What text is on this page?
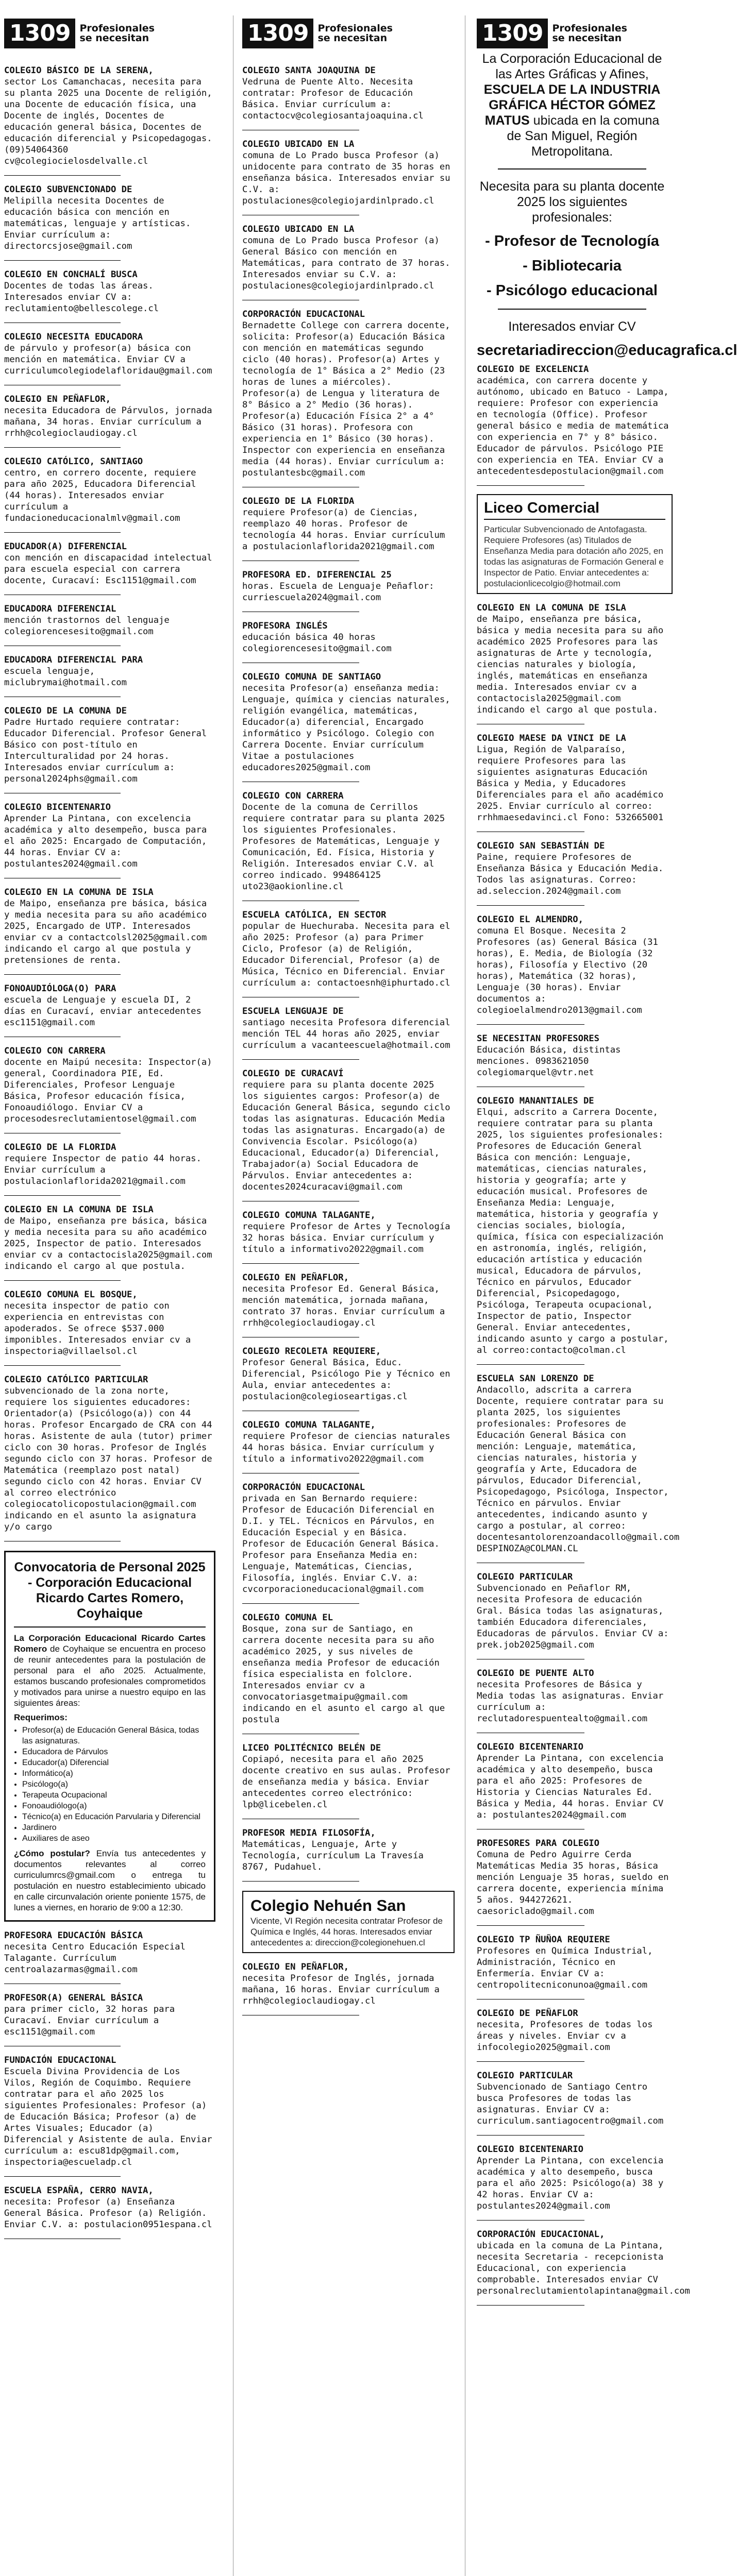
1309 Profesionales
se necesitan	1309 Profesionales
se necesitan	1309 Profesionales
se necesitan
COLEGIO BÁSICO DE LA SERENA,
sector Los Camanchacas, necesita para su planta 2025 una Docente de religión, una Docente de educación física, una Docente de inglés, Docentes de educación general básica, Docentes de educación diferencial y Psicopedagogas. (09)54064360 cv@colegiocielosdelvalle.cl
COLEGIO SUBVENCIONADO DE
Melipilla necesita Docentes de educación básica con mención en matemáticas, lenguaje y artísticas. Enviar currículum a: directorcsjose@gmail.com
COLEGIO EN CONCHALÍ BUSCA
Docentes de todas las áreas. Interesados enviar CV a: reclutamiento@bellescolege.cl
COLEGIO NECESITA EDUCADORA
de párvulo y profesor(a) básica con mención en matemática. Enviar CV a curriculumcolegiodelafloridau@gmail.com
COLEGIO EN PEÑAFLOR,
necesita Educadora de Párvulos, jornada mañana, 34 horas. Enviar currículum a rrhh@colegioclaudiogay.cl
COLEGIO CATÓLICO, SANTIAGO
centro, en correro docente, requiere para año 2025, Educadora Diferencial (44 horas). Interesados enviar currículum a fundacioneducacionalmlv@gmail.com
EDUCADOR(A) DIFERENCIAL
con mención en discapacidad intelectual para escuela especial con carrera docente, Curacaví: Esc1151@gmail.com
EDUCADORA DIFERENCIAL
mención trastornos del lenguaje colegiorencesesito@gmail.com
EDUCADORA DIFERENCIAL PARA
escuela lenguaje, miclubrymai@hotmail.com
COLEGIO DE LA COMUNA DE
Padre Hurtado requiere contratar: Educador Diferencial. Profesor General Básico con post-título en Interculturalidad por 24 horas. Interesados enviar currículum a: personal2024phs@gmail.com
COLEGIO BICENTENARIO
Aprender La Pintana, con excelencia académica y alto desempeño, busca para el año 2025: Encargado de Computación, 44 horas. Enviar CV a: postulantes2024@gmail.com
COLEGIO EN LA COMUNA DE ISLA
de Maipo, enseñanza pre básica, básica y media necesita para su año académico 2025, Encargado de UTP. Interesados enviar cv a contactcolsl2025@gmail.com indicando el cargo al que postula y pretensiones de renta.
FONOAUDIÓLOGA(O) PARA
escuela de Lenguaje y escuela DI, 2 días en Curacaví, enviar antecedentes esc1151@gmail.com
COLEGIO CON CARRERA
docente en Maipú necesita: Inspector(a) general, Coordinadora PIE, Ed. Diferenciales, Profesor Lenguaje Básica, Profesor educación física, Fonoaudiólogo. Enviar CV a procesodesreclutamientosel@gmail.com
COLEGIO DE LA FLORIDA
requiere Inspector de patio 44 horas. Enviar currículum a postulacionlaflorida2021@gmail.com
COLEGIO EN LA COMUNA DE ISLA
de Maipo, enseñanza pre básica, básica y media necesita para su año académico 2025, Inspector de patio. Interesados enviar cv a contactocisla2025@gmail.com indicando el cargo al que postula.
COLEGIO COMUNA EL BOSQUE,
necesita inspector de patio con experiencia en entrevistas con apoderados. Se ofrece $537.000 imponibles. Interesados enviar cv a inspectoria@villaelsol.cl
COLEGIO CATÓLICO PARTICULAR
subvencionado de la zona norte, requiere los siguientes educadores: Orientador(a) (Psicólogo(a)) con 44 horas. Profesor Encargado de CRA con 44 horas. Asistente de aula (tutor) primer ciclo con 30 horas. Profesor de Inglés segundo ciclo con 37 horas. Profesor de Matemática (reemplazo post natal) segundo ciclo con 42 horas. Enviar CV al correo electrónico colegiocatolicopostulacion@gmail.com indicando en el asunto la asignatura y/o cargo
Convocatoria de Personal 2025 - Corporación Educacional Ricardo Cartes Romero, Coyhaique
La Corporación Educacional Ricardo Cartes Romero de Coyhaique se encuentra en proceso de reunir antecedentes para la postulación de personal para el año 2025. Actualmente, estamos buscando profesionales comprometidos y motivados para unirse a nuestro equipo en las siguientes áreas:
Requerimos:
• Profesor(a) de Educación General Básica, todas las asignaturas.
• Educadora de Párvulos
• Educador(a) Diferencial
• Informático(a)
• Psicólogo(a)
• Terapeuta Ocupacional
• Fonoaudiólogo(a)
• Técnico(a) en Educación Parvularia y Diferencial
• Jardinero
• Auxiliares de aseo
¿Cómo postular? Envía tus antecedentes y documentos relevantes al correo curriculumrcs@gmail.com o entrega tu postulación en nuestro establecimiento ubicado en calle circunvalación oriente poniente 1575, de lunes a viernes, en horario de 9:00 a 12:30.
PROFESORA EDUCACIÓN BÁSICA
necesita Centro Educación Especial Talagante. Currículum centroalazarmas@gmail.com
PROFESOR(A) GENERAL BÁSICA
para primer ciclo, 32 horas para Curacaví. Enviar currículum a esc1151@gmail.com
FUNDACIÓN EDUCACIONAL
Escuela Divina Providencia de Los Vilos, Región de Coquimbo. Requiere contratar para el año 2025 los siguientes Profesionales: Profesor (a) de Educación Básica; Profesor (a) de Artes Visuales; Educador (a) Diferencial y Asistente de aula. Enviar currículum a: escu81dp@gmail.com, inspectoria@escueladp.cl
ESCUELA ESPAÑA, CERRO NAVIA,
necesita: Profesor (a) Enseñanza General Básica. Profesor (a) Religión. Enviar C.V. a: postulacion0951espana.cl
COLEGIO SANTA JOAQUINA DE
Vedruna de Puente Alto. Necesita contratar: Profesor de Educación Básica. Enviar currículum a: contactocv@colegiosantajoaquina.cl
COLEGIO UBICADO EN LA
comuna de Lo Prado busca Profesor (a) unidocente para contrato de 35 horas en enseñanza básica. Interesados enviar su C.V. a: postulaciones@colegiojardinlprado.cl
COLEGIO UBICADO EN LA
comuna de Lo Prado busca Profesor (a) General Básico con mención en Matemáticas, para contrato de 37 horas. Interesados enviar su C.V. a: postulaciones@colegiojardinlprado.cl
CORPORACIÓN EDUCACIONAL
Bernadette College con carrera docente, solicita: Profesor(a) Educación Básica con mención en matemáticas segundo ciclo (40 horas). Profesor(a) Artes y tecnología de 1° Básica a 2° Medio (23 horas de lunes a miércoles). Profesor(a) de Lengua y literatura de 8° Básico a 2° Medio (36 horas). Profesor(a) Educación Física 2° a 4° Básico (31 horas). Profesora con experiencia en 1° Básico (30 horas). Inspector con experiencia en enseñanza media (44 horas). Enviar currículum a: postulantesbc@gmail.com
COLEGIO DE LA FLORIDA
requiere Profesor(a) de Ciencias, reemplazo 40 horas. Profesor de tecnología 44 horas. Enviar currículum a postulacionlaflorida2021@gmail.com
PROFESORA ED. DIFERENCIAL 25
horas. Escuela de Lenguaje Peñaflor: curriescuela2024@gmail.com
PROFESORA INGLÉS
educación básica 40 horas colegiorencesesito@gmail.com
COLEGIO COMUNA DE SANTIAGO
necesita Profesor(a) enseñanza media: Lenguaje, química y ciencias naturales, religión evangélica, matemáticas, Educador(a) diferencial, Encargado informático y Psicólogo. Colegio con Carrera Docente. Enviar currículum Vitae a postulaciones educadores2025@gmail.com
COLEGIO CON CARRERA
Docente de la comuna de Cerrillos requiere contratar para su planta 2025 los siguientes Profesionales. Profesores de Matemáticas, Lenguaje y Comunicación, Ed. Física, Historia y Religión. Interesados enviar C.V. al correo indicado. 994864125 uto23@aokionline.cl
ESCUELA CATÓLICA, EN SECTOR
popular de Huechuraba. Necesita para el año 2025: Profesor (a) para Primer Ciclo, Profesor (a) de Religión, Educador Diferencial, Profesor (a) de Música, Técnico en Diferencial. Enviar currículum a: contactoesnh@iphurtado.cl
ESCUELA LENGUAJE DE
santiago necesita Profesora diferencial mención TEL 44 horas año 2025, enviar currículum a vacanteescuela@hotmail.com
COLEGIO DE CURACAVÍ
requiere para su planta docente 2025 los siguientes cargos: Profesor(a) de Educación General Básica, segundo ciclo todas las asignaturas. Educación Media todas las asignaturas. Encargado(a) de Convivencia Escolar. Psicólogo(a) Educacional, Educador(a) Diferencial, Trabajador(a) Social Educadora de Párvulos. Enviar antecedentes a: docentes2024curacavi@gmail.com
COLEGIO COMUNA TALAGANTE,
requiere Profesor de Artes y Tecnología 32 horas básica. Enviar currículum y título a informativo2022@gmail.com
COLEGIO EN PEÑAFLOR,
necesita Profesor Ed. General Básica, mención matemática, jornada mañana, contrato 37 horas. Enviar currículum a rrhh@colegioclaudiogay.cl
COLEGIO RECOLETA REQUIERE,
Profesor General Básica, Educ. Diferencial, Psicólogo Pie y Técnico en Aula, enviar antecedentes a: postulacion@colegioseartigas.cl
COLEGIO COMUNA TALAGANTE,
requiere Profesor de ciencias naturales 44 horas básica. Enviar currículum y título a informativo2022@gmail.com
CORPORACIÓN EDUCACIONAL
privada en San Bernardo requiere: Profesor de Educación Diferencial en D.I. y TEL. Técnicos en Párvulos, en Educación Especial y en Básica. Profesor de Educación General Básica. Profesor para Enseñanza Media en: Lenguaje, Matemáticas, Ciencias, Filosofía, inglés. Enviar C.V. a: cvcorporacioneducacional@gmail.com
COLEGIO COMUNA EL
Bosque, zona sur de Santiago, en carrera docente necesita para su año académico 2025, y sus niveles de enseñanza media Profesor de educación física especialista en folclore. Interesados enviar cv a convocatoriasgetmaipu@gmail.com indicando en el asunto el cargo al que postula
LICEO POLITÉCNICO BELÉN DE
Copiapó, necesita para el año 2025 docente creativo en sus aulas. Profesor de enseñanza media y básica. Enviar antecedentes correo electrónico: lpb@licebelen.cl
PROFESOR MEDIA FILOSOFÍA,
Matemáticas, Lenguaje, Arte y Tecnología, currículum La Travesía 8767, Pudahuel.
Colegio Nehuén San
Vicente, VI Región necesita contratar Profesor de Química e Inglés, 44 horas. Interesados enviar antecedentes a: direccion@colegionehuen.cl
COLEGIO EN PEÑAFLOR,
necesita Profesor de Inglés, jornada mañana, 16 horas. Enviar currículum a rrhh@colegioclaudiogay.cl
La Corporación Educacional de las Artes Gráficas y Afines, ESCUELA DE LA INDUSTRIA GRÁFICA HÉCTOR GÓMEZ MATUS ubicada en la comuna de San Miguel, Región Metropolitana.
Necesita para su planta docente 2025 los siguientes profesionales:
- Profesor de Tecnología
- Bibliotecaria
- Psicólogo educacional
Interesados enviar CV
secretariadireccion@educagrafica.cl
COLEGIO DE EXCELENCIA
académica, con carrera docente y autónomo, ubicado en Batuco - Lampa, requiere: Profesor con experiencia en tecnología (Office). Profesor general básico e media de matemática con experiencia en 7° y 8° básico. Educador de párvulos. Psicólogo PIE con experiencia en TEA. Enviar CV a antecedentesdepostulacion@gmail.com
Liceo Comercial
Particular Subvencionado de Antofagasta. Requiere Profesores (as) Titulados de Enseñanza Media para dotación año 2025, en todas las asignaturas de Formación General e Inspector de Patio. Enviar antecedentes a: postulacionlicecolgio@hotmail.com
COLEGIO EN LA COMUNA DE ISLA
de Maipo, enseñanza pre básica, básica y media necesita para su año académico 2025 Profesores para las asignaturas de Arte y tecnología, ciencias naturales y biología, inglés, matemáticas en enseñanza media. Interesados enviar cv a contactocisla2025@gmail.com indicando el cargo al que postula.
COLEGIO MAESE DA VINCI DE LA
Ligua, Región de Valparaíso, requiere Profesores para las siguientes asignaturas Educación Básica y Media, y Educadores Diferenciales para el año académico 2025. Enviar currículo al correo: rrhhmaesedavinci.cl Fono: 532665001
COLEGIO SAN SEBASTIÁN DE
Paine, requiere Profesores de Enseñanza Básica y Educación Media. Todos las asignaturas. Correo: ad.seleccion.2024@gmail.com
COLEGIO EL ALMENDRO,
comuna El Bosque. Necesita 2 Profesores (as) General Básica (31 horas), E. Media, de Biología (32 horas), Filosofía y Electivo (20 horas), Matemática (32 horas), Lenguaje (30 horas). Enviar documentos a: colegioelalmendro2013@gmail.com
SE NECESITAN PROFESORES
Educación Básica, distintas menciones. 0983621050 colegiomarquel@vtr.net
COLEGIO MANANTIALES DE
Elqui, adscrito a Carrera Docente, requiere contratar para su planta 2025, los siguientes profesionales: Profesores de Educación General Básica con mención: Lenguaje, matemáticas, ciencias naturales, historia y geografía; arte y educación musical. Profesores de Enseñanza Media: Lenguaje, matemática, historia y geografía y ciencias sociales, biología, química, física con especialización en astronomía, inglés, religión, educación artística y educación musical, Educadora de párvulos, Técnico en párvulos, Educador Diferencial, Psicopedagogo, Psicóloga, Terapeuta ocupacional, Inspector de patio, Inspector General. Enviar antecedentes, indicando asunto y cargo a postular, al correo:contacto@colman.cl
ESCUELA SAN LORENZO DE
Andacollo, adscrita a carrera Docente, requiere contratar para su planta 2025, los siguientes profesionales: Profesores de Educación General Básica con mención: Lenguaje, matemática, ciencias naturales, historia y geografía y Arte, Educadora de párvulos, Educador Diferencial, Psicopedagogo, Psicóloga, Inspector, Técnico en párvulos. Enviar antecedentes, indicando asunto y cargo a postular, al correo: docentesantolorenzoandacollo@gmail.com DESPINOZA@COLMAN.CL
COLEGIO PARTICULAR
Subvencionado en Peñaflor RM, necesita Profesora de educación Gral. Básica todas las asignaturas, también Educadora diferenciales, Educadoras de párvulos. Enviar CV a: prek.job2025@gmail.com
COLEGIO DE PUENTE ALTO
necesita Profesores de Básica y Media todas las asignaturas. Enviar currículum a: reclutadorespuentealto@gmail.com
COLEGIO BICENTENARIO
Aprender La Pintana, con excelencia académica y alto desempeño, busca para el año 2025: Profesores de Historia y Ciencias Naturales Ed. Básica y Media, 44 horas. Enviar CV a: postulantes2024@gmail.com
PROFESORES PARA COLEGIO
Comuna de Pedro Aguirre Cerda Matemáticas Media 35 horas, Básica mención Lenguaje 35 horas, sueldo en carrera docente, experiencia mínima 5 años. 944272621. caesoriclado@gmail.com
COLEGIO TP ÑUÑOA REQUIERE
Profesores en Química Industrial, Administración, Técnico en Enfermería. Enviar CV a: centropolitecniconunoa@gmail.com
COLEGIO DE PEÑAFLOR
necesita, Profesores de todas los áreas y niveles. Enviar cv a infocolegio2025@gmail.com
COLEGIO PARTICULAR
Subvencionado de Santiago Centro busca Profesores de todas las asignaturas. Enviar CV a: curriculum.santiagocentro@gmail.com
COLEGIO BICENTENARIO
Aprender La Pintana, con excelencia académica y alto desempeño, busca para el año 2025: Psicólogo(a) 38 y 42 horas. Enviar CV a: postulantes2024@gmail.com
CORPORACIÓN EDUCACIONAL,
ubicada en la comuna de La Pintana, necesita Secretaria - recepcionista Educacional, con experiencia comprobable. Interesados enviar CV personalreclutamientolapintana@gmail.com
